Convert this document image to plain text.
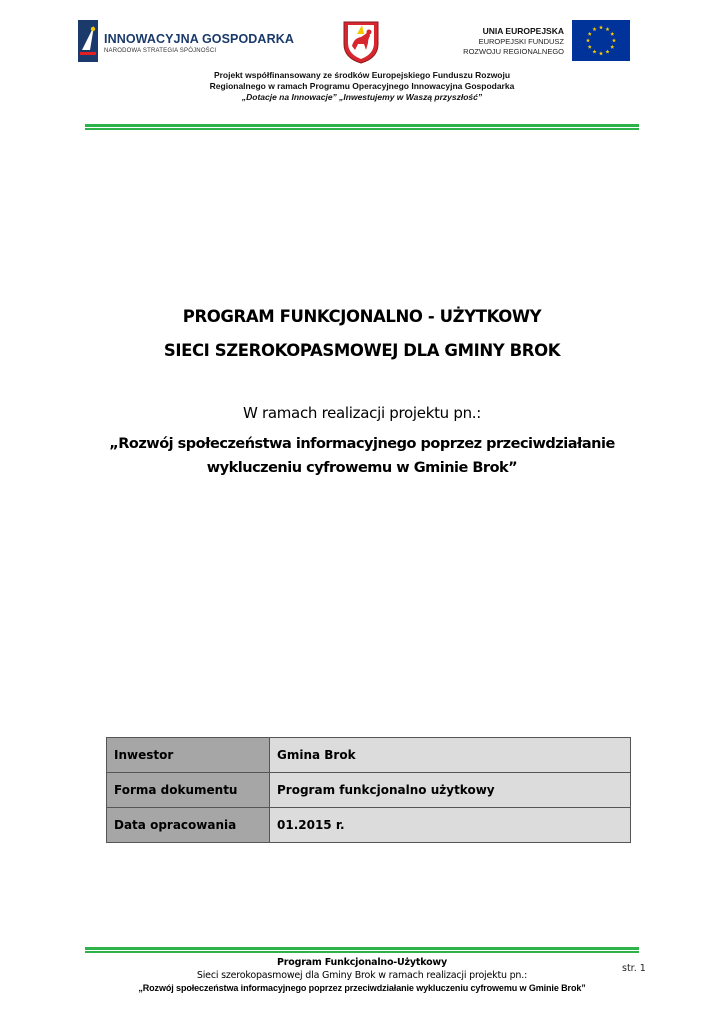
INNOWACYJNA GOSPODARKA
NARODOWA STRATEGIA SPÓJNOŚCI
UNIA EUROPEJSKA
EUROPEJSKI FUNDUSZ
ROZWOJU REGIONALNEGO
Projekt współfinansowany ze środków Europejskiego Funduszu Rozwoju
Regionalnego w ramach Programu Operacyjnego Innowacyjna Gospodarka
„Dotacje na Innowacje” „Inwestujemy w Waszą przyszłość”
PROGRAM FUNKCJONALNO - UŻYTKOWY
SIECI SZEROKOPASMOWEJ DLA GMINY BROK
W ramach realizacji projektu pn.:
„Rozwój społeczeństwa informacyjnego poprzez przeciwdziałanie
wykluczeniu cyfrowemu w Gminie Brok”
Inwestor	Gmina Brok
Forma dokumentu	Program funkcjonalno użytkowy
Data opracowania	01.2015 r.
Program Funkcjonalno-Użytkowy
Sieci szerokopasmowej dla Gminy Brok w ramach realizacji projektu pn.:
„Rozwój społeczeństwa informacyjnego poprzez przeciwdziałanie wykluczeniu cyfrowemu w Gminie Brok”
str. 1
